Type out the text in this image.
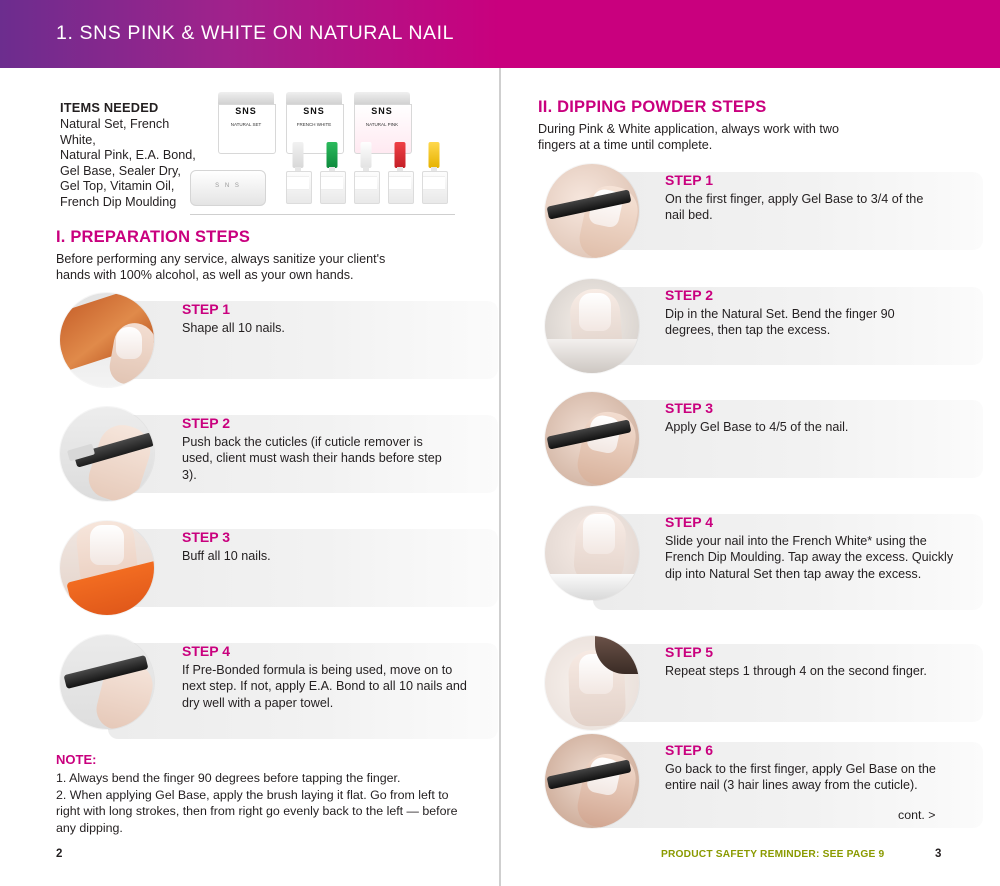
1. SNS PINK & WHITE ON NATURAL NAIL
ITEMS NEEDED
Natural Set, French White,
Natural Pink, E.A. Bond,
Gel Base, Sealer Dry,
Gel Top, Vitamin Oil,
French Dip Moulding
SNS
NATURAL SET
SNS
FRENCH WHITE
SNS
NATURAL PINK
S N S
I. PREPARATION STEPS
Before performing any service, always sanitize your client's hands with 100% alcohol, as well as your own hands.
STEP 1
Shape all 10 nails.
STEP 2
Push back the cuticles (if cuticle remover is used, client must wash their hands before step 3).
STEP 3
Buff all 10 nails.
STEP 4
If Pre-Bonded formula is being used, move on to next step. If not, apply E.A. Bond to all 10 nails and dry well with a paper towel.
NOTE:
1. Always bend the finger 90 degrees before tapping the finger.
2. When applying Gel Base, apply the brush laying it flat. Go from left to right with long strokes, then from right go evenly back to the left — before any dipping.
2
II. DIPPING POWDER STEPS
During Pink & White application, always work with two fingers at a time until complete.
STEP 1
On the first finger, apply Gel Base to 3/4 of the nail bed.
STEP 2
Dip in the Natural Set. Bend the finger 90 degrees, then tap the excess.
STEP 3
Apply Gel Base to 4/5 of the nail.
STEP 4
Slide your nail into the French White* using the French Dip Moulding. Tap away the excess. Quickly dip into Natural Set then tap away the excess.
STEP 5
Repeat steps 1 through 4 on the second finger.
STEP 6
Go back to the first finger, apply Gel Base on the entire nail (3 hair lines away from the cuticle).
cont. >
PRODUCT SAFETY REMINDER: SEE PAGE 9	3
